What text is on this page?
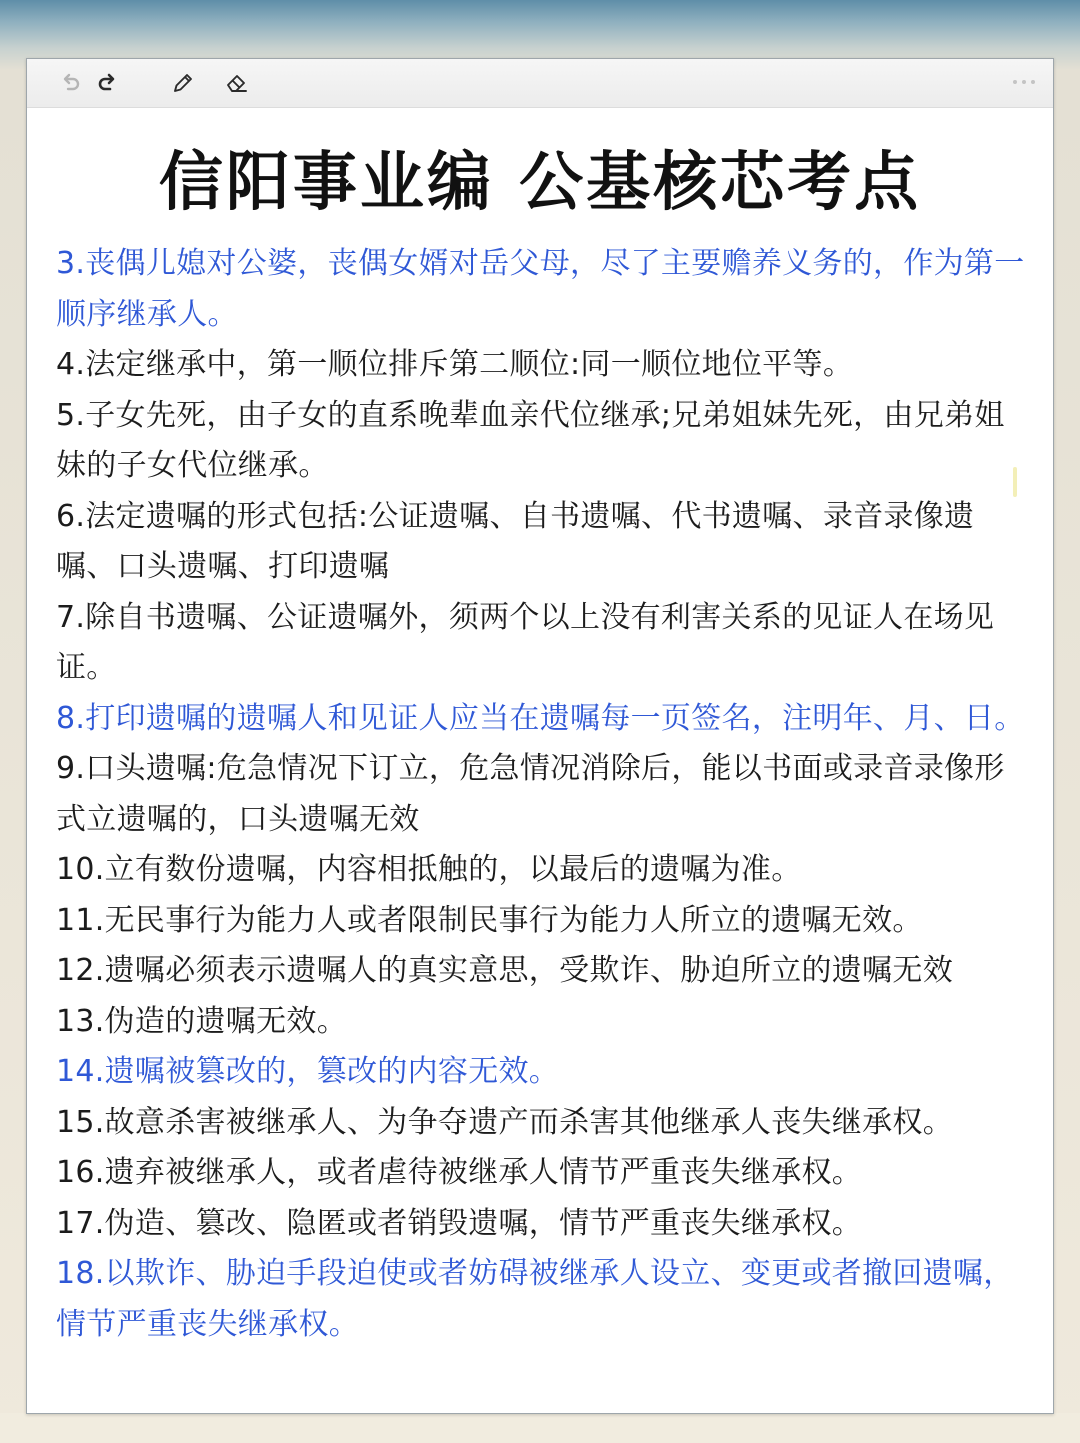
信阳事业编 公基核芯考点
3.丧偶儿媳对公婆，丧偶女婿对岳父母，尽了主要赡养义务的，作为第一顺序继承人。
4.法定继承中，第一顺位排斥第二顺位:同一顺位地位平等。
5.子女先死，由子女的直系晚辈血亲代位继承;兄弟姐妹先死，由兄弟姐妹的子女代位继承。
6.法定遗嘱的形式包括:公证遗嘱、自书遗嘱、代书遗嘱、录音录像遗嘱、口头遗嘱、打印遗嘱
7.除自书遗嘱、公证遗嘱外，须两个以上没有利害关系的见证人在场见证。
8.打印遗嘱的遗嘱人和见证人应当在遗嘱每一页签名，注明年、月、日。
9.口头遗嘱:危急情况下订立，危急情况消除后，能以书面或录音录像形式立遗嘱的，口头遗嘱无效
10.立有数份遗嘱，内容相抵触的，以最后的遗嘱为准。
11.无民事行为能力人或者限制民事行为能力人所立的遗嘱无效。
12.遗嘱必须表示遗嘱人的真实意思，受欺诈、胁迫所立的遗嘱无效
13.伪造的遗嘱无效。
14.遗嘱被篡改的，篡改的内容无效。
15.故意杀害被继承人、为争夺遗产而杀害其他继承人丧失继承权。
16.遗弃被继承人，或者虐待被继承人情节严重丧失继承权。
17.伪造、篡改、隐匿或者销毁遗嘱，情节严重丧失继承权。
18.以欺诈、胁迫手段迫使或者妨碍被继承人设立、变更或者撤回遗嘱，情节严重丧失继承权。
